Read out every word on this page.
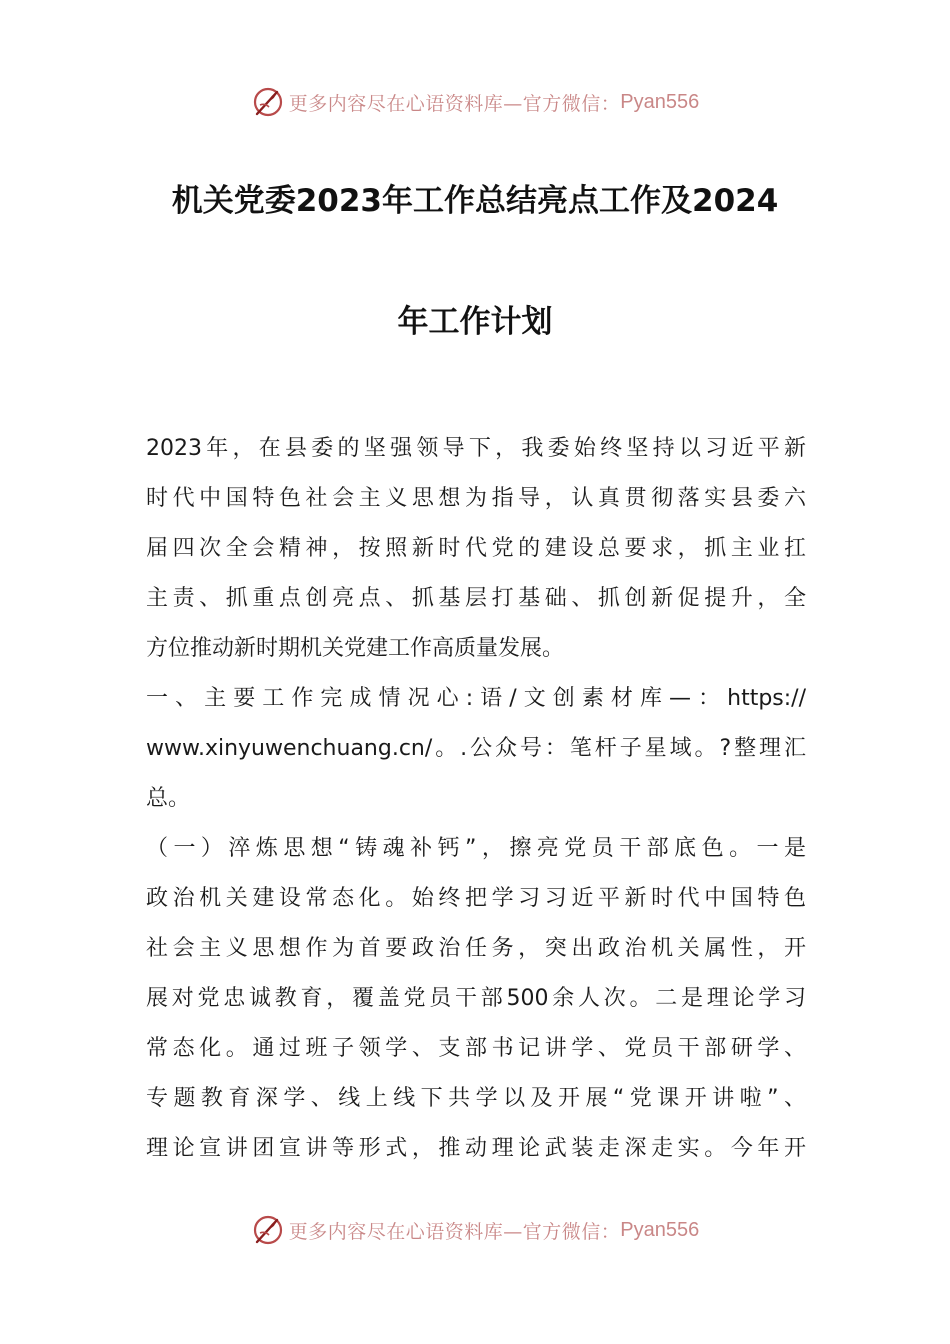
更多内容尽在心语资料库—官方微信： Pyan556
机关党委2023年工作总结亮点工作及2024
年工作计划
2023年，在县委的坚强领导下，我委始终坚持以习近平新
时代中国特色社会主义思想为指导，认真贯彻落实县委六
届四次全会精神，按照新时代党的建设总要求，抓主业扛
主责、抓重点创亮点、抓基层打基础、抓创新促提升，全
方位推动新时期机关党建工作高质量发展。
一、主要工作完成情况心:语/文创素材库—：https://
www.xinyuwenchuang.cn/。.公众号：笔杆子星域。?整理汇
总。
（一）淬炼思想“铸魂补钙”，擦亮党员干部底色。一是
政治机关建设常态化。始终把学习习近平新时代中国特色
社会主义思想作为首要政治任务，突出政治机关属性，开
展对党忠诚教育，覆盖党员干部500余人次。二是理论学习
常态化。通过班子领学、支部书记讲学、党员干部研学、
专题教育深学、线上线下共学以及开展“党课开讲啦”、
理论宣讲团宣讲等形式，推动理论武装走深走实。今年开
更多内容尽在心语资料库—官方微信： Pyan556
